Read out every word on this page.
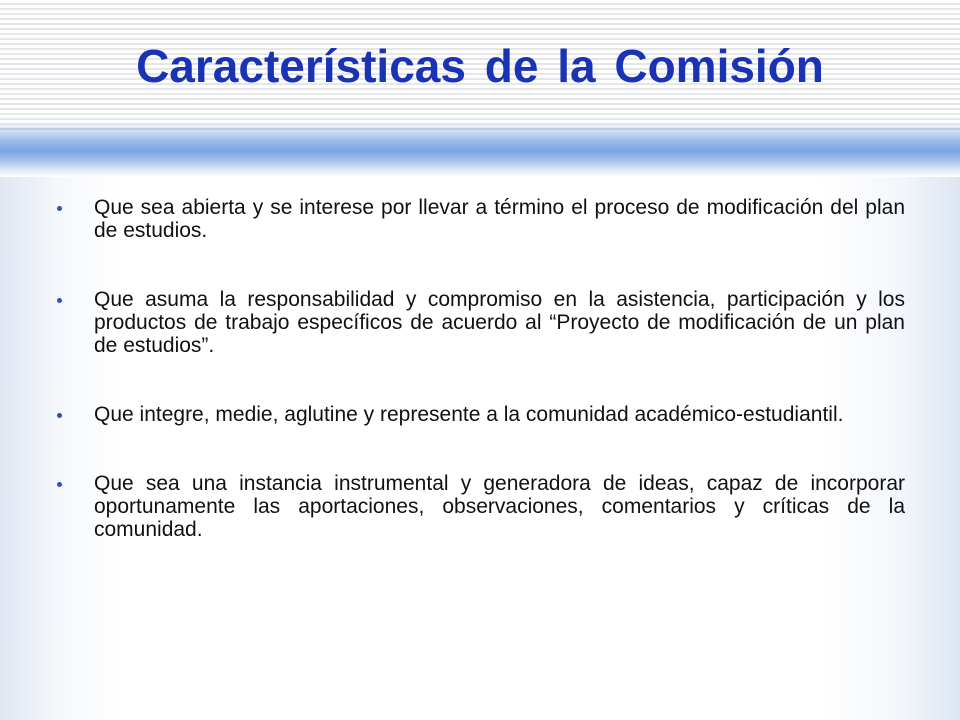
Características de la Comisión
Que sea abierta y se interese por llevar a término el proceso de modificación del plan de estudios.
Que asuma la responsabilidad y compromiso en la asistencia, participación y los productos de trabajo específicos de acuerdo al “Proyecto de modificación de un plan de estudios”.
Que integre, medie, aglutine y represente a la comunidad académico-estudiantil.
Que sea una instancia instrumental y generadora de ideas, capaz de incorporar oportunamente las aportaciones, observaciones, comentarios y críticas de la comunidad.
